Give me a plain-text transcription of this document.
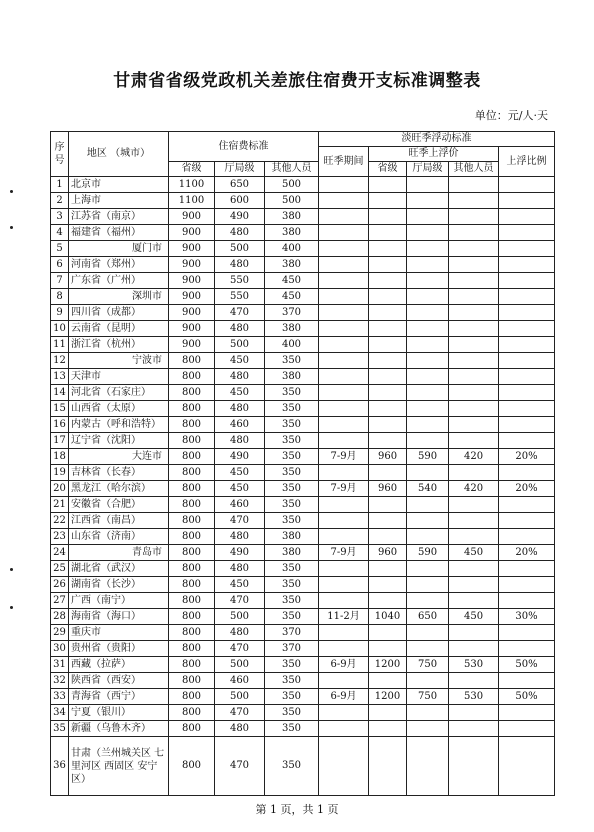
甘肃省省级党政机关差旅住宿费开支标准调整表
单位：元/人·天
序号	地区 （城市）	住宿费标准			淡旺季浮动标准				
					旺季期间	旺季上浮价			上浮比例
		省级	厅局级	其他人员		省级	厅局级	其他人员	
1	北京市	1100	650	500					
2	上海市	1100	600	500					
3	江苏省（南京）	900	490	380					
4	福建省（福州）	900	480	380					
5	厦门市	900	500	400					
6	河南省（郑州）	900	480	380					
7	广东省（广州）	900	550	450					
8	深圳市	900	550	450					
9	四川省（成都）	900	470	370					
10	云南省（昆明）	900	480	380					
11	浙江省（杭州）	900	500	400					
12	宁波市	800	450	350					
13	天津市	800	480	380					
14	河北省（石家庄）	800	450	350					
15	山西省（太原）	800	480	350					
16	内蒙古（呼和浩特）	800	460	350					
17	辽宁省（沈阳）	800	480	350					
18	大连市	800	490	350	7-9月	960	590	420	20%
19	吉林省（长春）	800	450	350					
20	黑龙江（哈尔滨）	800	450	350	7-9月	960	540	420	20%
21	安徽省（合肥）	800	460	350					
22	江西省（南昌）	800	470	350					
23	山东省（济南）	800	480	380					
24	青岛市	800	490	380	7-9月	960	590	450	20%
25	湖北省（武汉）	800	480	350					
26	湖南省（长沙）	800	450	350					
27	广西（南宁）	800	470	350					
28	海南省（海口）	800	500	350	11-2月	1040	650	450	30%
29	重庆市	800	480	370					
30	贵州省（贵阳）	800	470	370					
31	西藏（拉萨）	800	500	350	6-9月	1200	750	530	50%
32	陕西省（西安）	800	460	350					
33	青海省（西宁）	800	500	350	6-9月	1200	750	530	50%
34	宁夏（银川）	800	470	350					
35	新疆（乌鲁木齐）	800	480	350					
36	甘肃（兰州城关区 七里河区 西固区 安宁区）	800	470	350					
第 1 页，共 1 页
